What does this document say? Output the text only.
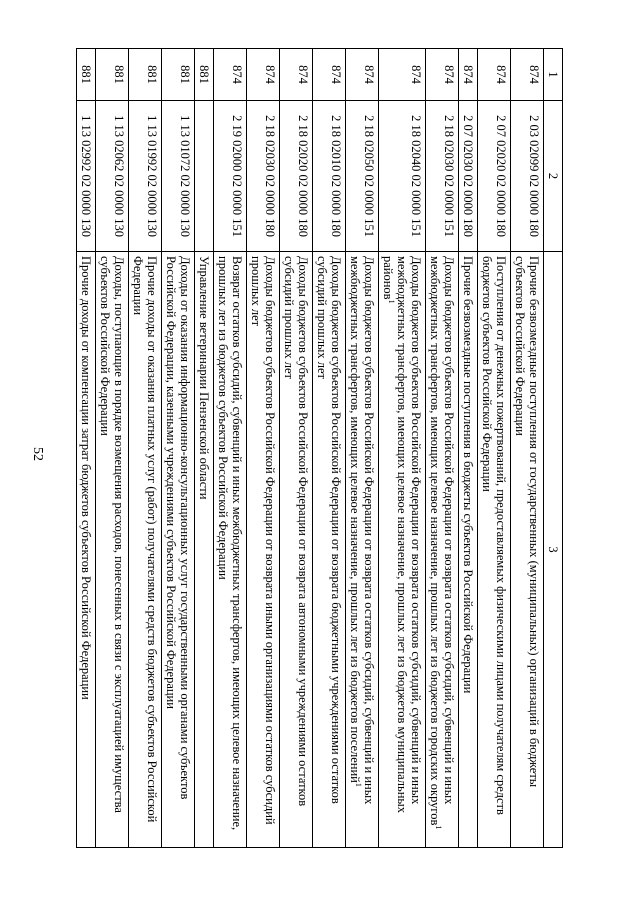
52
1	2	3
874	2 03 02099 02 0000 180	Прочие безвозмездные поступления от государственных (муниципальных) организаций в бюджеты субъектов Российской Федерации
874	2 07 02020 02 0000 180	Поступления от денежных пожертвований, предоставляемых физическими лицами получателям средств бюджетов субъектов Российской Федерации
874	2 07 02030 02 0000 180	Прочие безвозмездные поступления в бюджеты субъектов Российской Федерации
874	2 18 02030 02 0000 151	Доходы бюджетов субъектов Российской Федерации от возврата остатков субсидий, субвенций и иных межбюджетных трансфертов, имеющих целевое назначение, прошлых лет из бюджетов городских округов$^1$
874	2 18 02040 02 0000 151	Доходы бюджетов субъектов Российской Федерации от возврата остатков субсидий, субвенций и иных межбюджетных трансфертов, имеющих целевое назначение, прошлых лет из бюджетов муниципальных районов$^1$
874	2 18 02050 02 0000 151	Доходы бюджетов субъектов Российской Федерации от возврата остатков субсидий, субвенций и иных межбюджетных трансфертов, имеющих целевое назначение, прошлых лет из бюджетов поселений$^1$
874	2 18 02010 02 0000 180	Доходы бюджетов субъектов Российской Федерации от возврата бюджетными учреждениями остатков субсидий прошлых лет
874	2 18 02020 02 0000 180	Доходы бюджетов субъектов Российской Федерации от возврата автономными учреждениями остатков субсидий прошлых лет
874	2 18 02030 02 0000 180	Доходы бюджетов субъектов Российской Федерации от возврата иными организациями остатков субсидий прошлых лет
874	2 19 02000 02 0000 151	Возврат остатков субсидий, субвенций и иных межбюджетных трансфертов, имеющих целевое назначение, прошлых лет из бюджетов субъектов Российской Федерации
881		Управление ветеринарии Пензенской области
881	1 13 01072 02 0000 130	Доходы от оказания информационно-консультационных услуг государственными органами субъектов Российской Федерации, казенными учреждениями субъектов Российской Федерации
881	1 13 01992 02 0000 130	Прочие доходы от оказания платных услуг (работ) получателями средств бюджетов субъектов Российской Федерации
881	1 13 02062 02 0000 130	Доходы, поступающие в порядке возмещения расходов, понесенных в связи с эксплуатацией имущества субъектов Российской Федерации
881	1 13 02992 02 0000 130	Прочие доходы от компенсации затрат бюджетов субъектов Российской Федерации
